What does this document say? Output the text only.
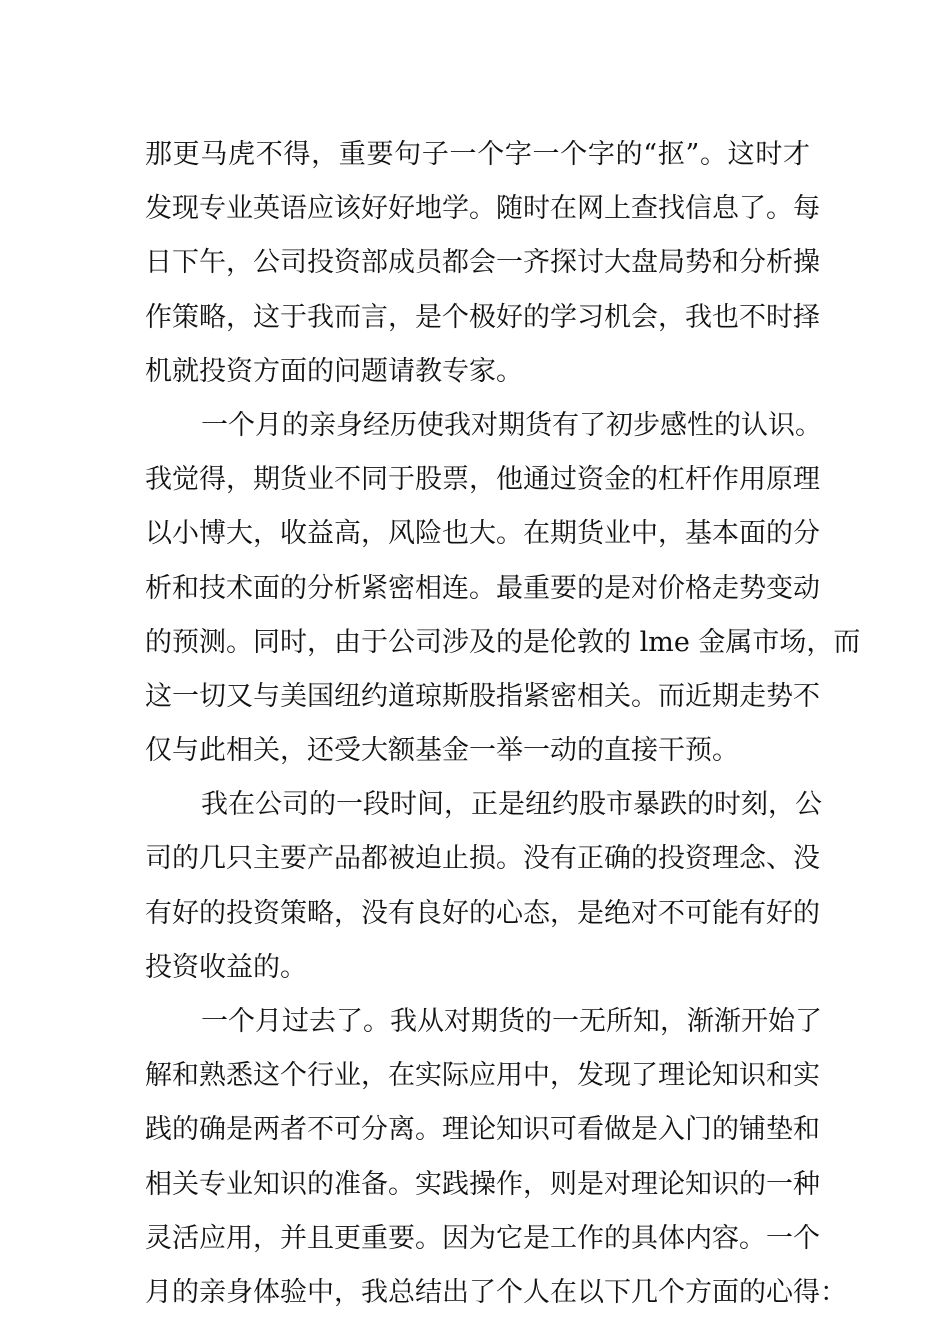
那更马虎不得，重要句子一个字一个字的“抠”。这时才
发现专业英语应该好好地学。随时在网上查找信息了。每
日下午，公司投资部成员都会一齐探讨大盘局势和分析操
作策略，这于我而言，是个极好的学习机会，我也不时择
机就投资方面的问题请教专家。
一个月的亲身经历使我对期货有了初步感性的认识。
我觉得，期货业不同于股票，他通过资金的杠杆作用原理
以小博大，收益高，风险也大。在期货业中，基本面的分
析和技术面的分析紧密相连。最重要的是对价格走势变动
的预测。同时，由于公司涉及的是伦敦的 lme 金属市场，而
这一切又与美国纽约道琼斯股指紧密相关。而近期走势不
仅与此相关，还受大额基金一举一动的直接干预。
我在公司的一段时间，正是纽约股市暴跌的时刻，公
司的几只主要产品都被迫止损。没有正确的投资理念、没
有好的投资策略，没有良好的心态，是绝对不可能有好的
投资收益的。
一个月过去了。我从对期货的一无所知，渐渐开始了
解和熟悉这个行业，在实际应用中，发现了理论知识和实
践的确是两者不可分离。理论知识可看做是入门的铺垫和
相关专业知识的准备。实践操作，则是对理论知识的一种
灵活应用，并且更重要。因为它是工作的具体内容。一个
月的亲身体验中，我总结出了个人在以下几个方面的心得：
